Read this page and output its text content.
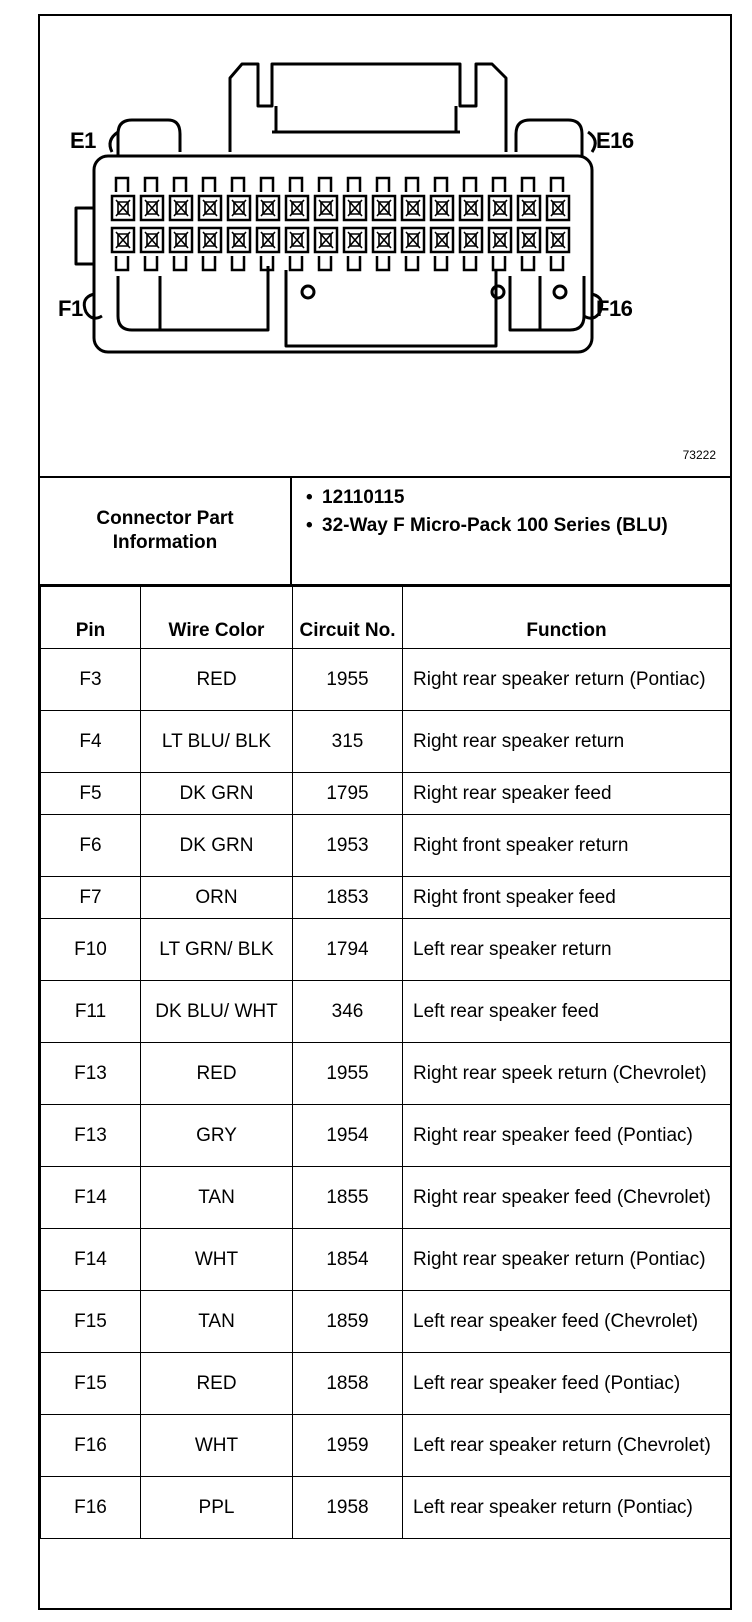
E1	E16
F1	F16
73222
Connector Part Information
• 12110115
• 32-Way F Micro-Pack 100 Series (BLU)
Pin	Wire Color	Circuit No.	Function
F3	RED	1955	Right rear speaker return (Pontiac)
F4	LT BLU/ BLK	315	Right rear speaker return
F5	DK GRN	1795	Right rear speaker feed
F6	DK GRN	1953	Right front speaker return
F7	ORN	1853	Right front speaker feed
F10	LT GRN/ BLK	1794	Left rear speaker return
F11	DK BLU/ WHT	346	Left rear speaker feed
F13	RED	1955	Right rear speek return (Chevrolet)
F13	GRY	1954	Right rear speaker feed (Pontiac)
F14	TAN	1855	Right rear speaker feed (Chevrolet)
F14	WHT	1854	Right rear speaker return (Pontiac)
F15	TAN	1859	Left rear speaker feed (Chevrolet)
F15	RED	1858	Left rear speaker feed (Pontiac)
F16	WHT	1959	Left rear speaker return (Chevrolet)
F16	PPL	1958	Left rear speaker return (Pontiac)
